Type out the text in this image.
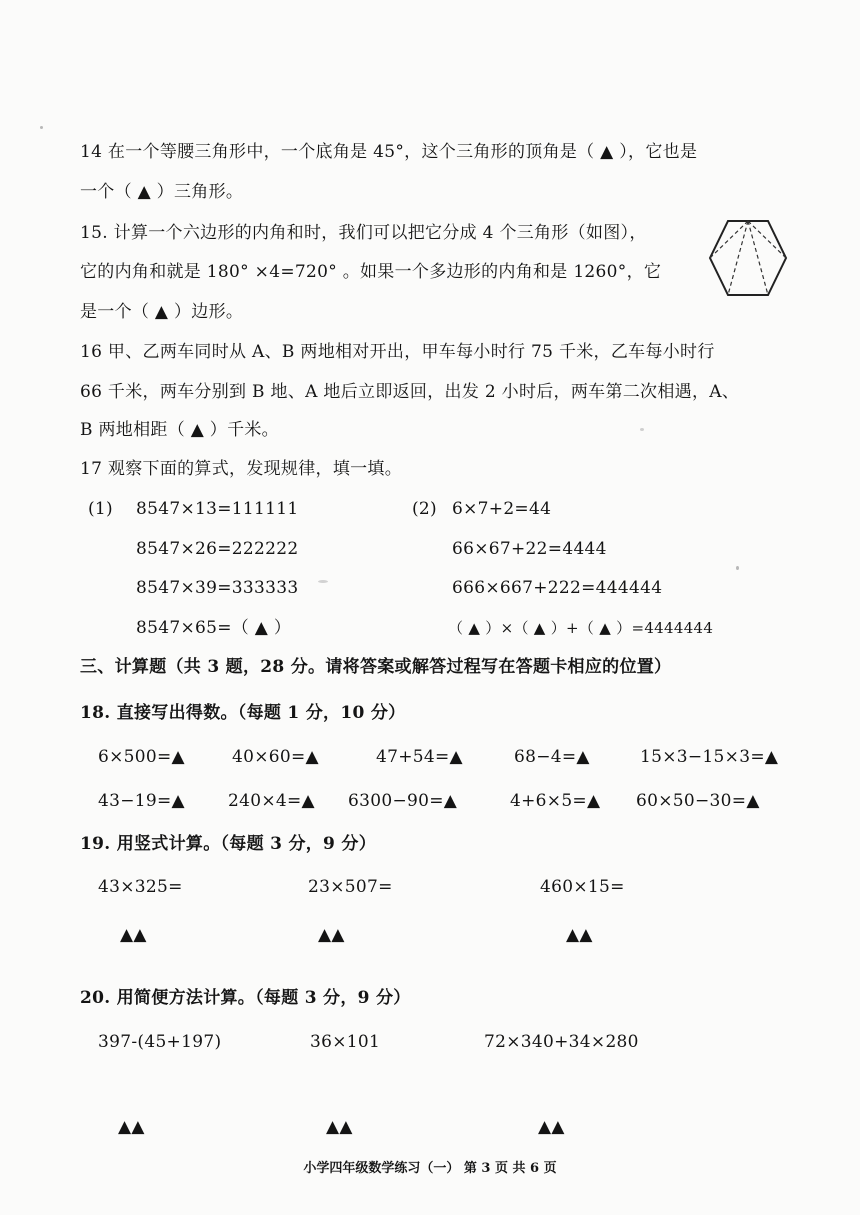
14 在一个等腰三角形中，一个底角是 45°，这个三角形的顶角是（ ▲ ），它也是
一个（ ▲ ）三角形。
15. 计算一个六边形的内角和时，我们可以把它分成 4 个三角形（如图），
它的内角和就是 180° ×4=720° 。如果一个多边形的内角和是 1260°，它
是一个（ ▲ ）边形。
16 甲、乙两车同时从 A、B 两地相对开出，甲车每小时行 75 千米，乙车每小时行
66 千米，两车分别到 B 地、A 地后立即返回，出发 2 小时后，两车第二次相遇，A、
B 两地相距（ ▲ ）千米。
17 观察下面的算式，发现规律，填一填。
(1) 8547×13=111111
8547×26=222222
8547×39=333333
8547×65=（ ▲ ）
(2) 6×7+2=44
66×67+22=4444
666×667+222=444444
（ ▲ ）×（ ▲ ）+（ ▲ ）=4444444
三、计算题（共 3 题，28 分。请将答案或解答过程写在答题卡相应的位置）
18. 直接写出得数。（每题 1 分，10 分）
6×500=▲	40×60=▲	47+54=▲	68−4=▲	15×3−15×3=▲
43−19=▲	240×4=▲ 6300−90=▲	4+6×5=▲ 60×50−30=▲
19. 用竖式计算。（每题 3 分，9 分）
43×325=	23×507=	460×15=
▲▲	▲▲	▲▲
20. 用简便方法计算。（每题 3 分，9 分）
397-(45+197)	36×101	72×340+34×280
▲▲	▲▲	▲▲
小学四年级数学练习（一） 第 3 页 共 6 页
